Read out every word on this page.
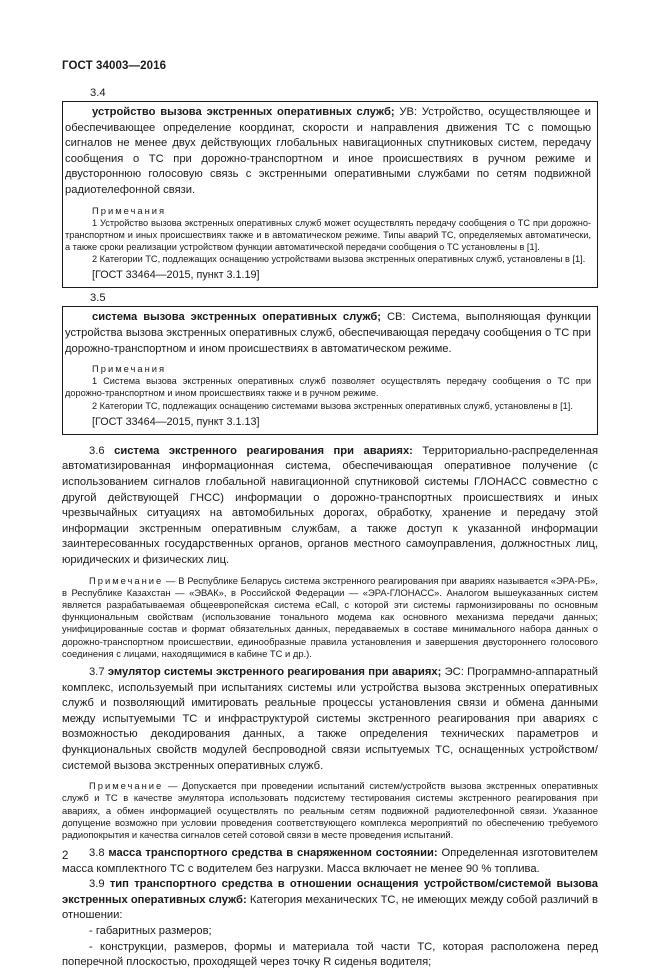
ГОСТ 34003—2016
3.4

устройство вызова экстренных оперативных служб; УВ: Устройство, осуществляющее и обеспечивающее определение координат, скорости и направления движения ТС с помощью сигналов не менее двух действующих глобальных навигационных спутниковых систем, передачу сообщения о ТС при дорожно-транспортном и иное происшествиях в ручном режиме и двустороннюю голосовую связь с экстренными оперативными службами по сетям подвижной радиотелефонной связи.

Примечания

1 Устройство вызова экстренных оперативных служб может осуществлять передачу сообщения о ТС при дорожно-транспортном и иных происшествиях также и в автоматическом режиме. Типы аварий ТС, определяемых автоматически, а также сроки реализации устройством функции автоматической передачи сообщения о ТС установлены в [1].

2 Категории ТС, подлежащих оснащению устройствами вызова экстренных оперативных служб, установлены в [1].

[ГОСТ 33464—2015, пункт 3.1.19]
3.5

система вызова экстренных оперативных служб; СВ: Система, выполняющая функции устройства вызова экстренных оперативных служб, обеспечивающая передачу сообщения о ТС при дорожно-транспортном и ином происшествиях в автоматическом режиме.

Примечания

1 Система вызова экстренных оперативных служб позволяет осуществлять передачу сообщения о ТС при дорожно-транспортном и ином происшествиях также и в ручном режиме.

2 Категории ТС, подлежащих оснащению системами вызова экстренных оперативных служб, установлены в [1].

[ГОСТ 33464—2015, пункт 3.1.13]

3.6 система экстренного реагирования при авариях: Территориально-распределенная автоматизированная информационная система, обеспечивающая оперативное получение (с использованием сигналов глобальной навигационной спутниковой системы ГЛОНАСС совместно с другой действующей ГНСС) информации о дорожно-транспортных происшествиях и иных чрезвычайных ситуациях на автомобильных дорогах, обработку, хранение и передачу этой информации экстренным оперативным службам, а также доступ к указанной информации заинтересованных государственных органов, органов местного самоуправления, должностных лиц, юридических и физических лиц.

Примечание — В Республике Беларусь система экстренного реагирования при авариях называется «ЭРА-РБ», в Республике Казахстан — «ЭВАК», в Российской Федерации — «ЭРА-ГЛОНАСС». Аналогом вышеуказанных систем является разрабатываемая общеевропейская система eCall, с которой эти системы гармонизированы по основным функциональным свойствам (использование тонального модема как основного механизма передачи данных; унифицированные состав и формат обязательных данных, передаваемых в составе минимального набора данных о дорожно-транспортном происшествии, единообразные правила установления и завершения двустороннего голосового соединения с лицами, находящимися в кабине ТС и др.).

3.7 эмулятор системы экстренного реагирования при авариях; ЭС: Программно-аппаратный комплекс, используемый при испытаниях системы или устройства вызова экстренных оперативных служб и позволяющий имитировать реальные процессы установления связи и обмена данными между испытуемыми ТС и инфраструктурой системы экстренного реагирования при авариях с возможностью декодирования данных, а также определения технических параметров и функциональных свойств модулей беспроводной связи испытуемых ТС, оснащенных устройством/системой вызова экстренных оперативных служб.

Примечание — Допускается при проведении испытаний систем/устройств вызова экстренных оперативных служб и ТС в качестве эмулятора использовать подсистему тестирования системы экстренного реагирования при авариях, а обмен информацией осуществлять по реальным сетям подвижной радиотелефонной связи. Указанное допущение возможно при условии проведения соответствующего комплекса мероприятий по обеспечению требуемого радиопокрытия и качества сигналов сетей сотовой связи в месте проведения испытаний.

3.8 масса транспортного средства в снаряженном состоянии: Определенная изготовителем масса комплектного ТС с водителем без нагрузки. Масса включает не менее 90 % топлива.

3.9 тип транспортного средства в отношении оснащения устройством/системой вызова экстренных оперативных служб: Категория механических ТС, не имеющих между собой различий в отношении:

- габаритных размеров;

- конструкции, размеров, формы и материала той части ТС, которая расположена перед поперечной плоскостью, проходящей через точку R сиденья водителя;

2
